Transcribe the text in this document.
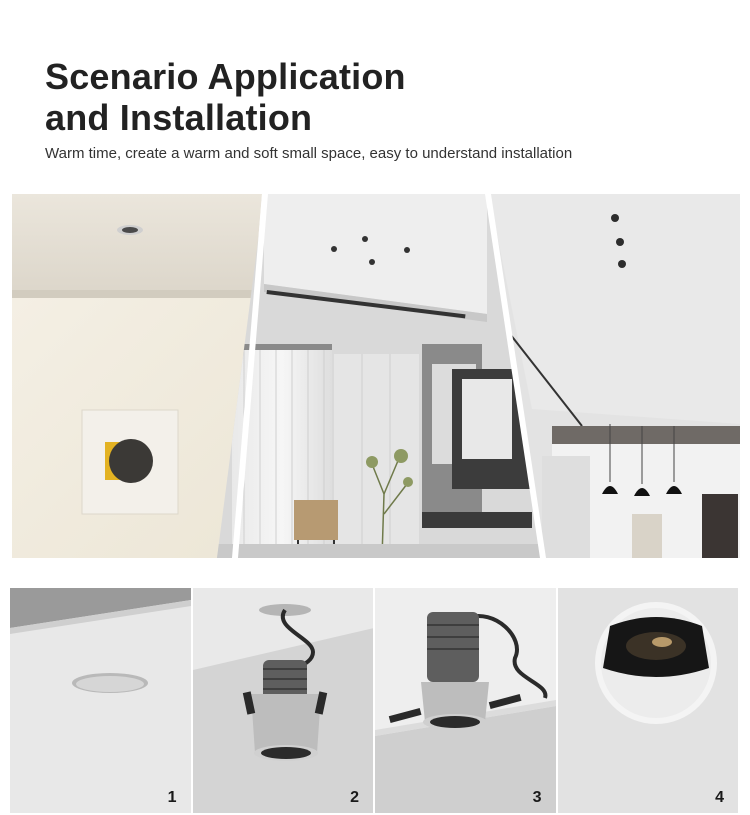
Scenario Application
and Installation

Warm time, create a warm and soft small space, easy to understand installation

1	2	3	4
